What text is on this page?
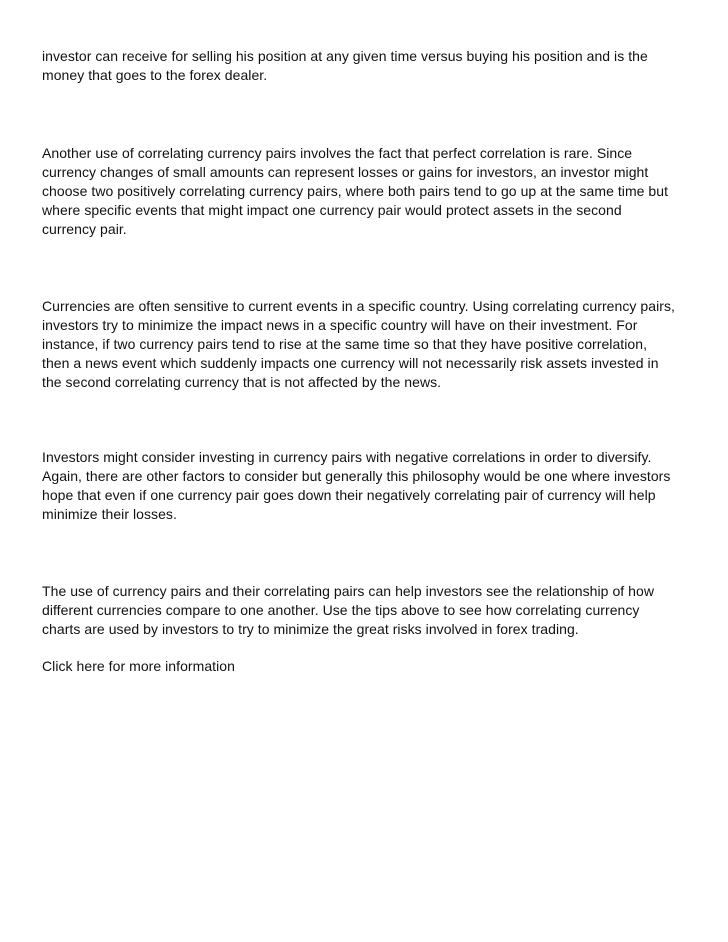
investor can receive for selling his position at any given time versus buying his position and is the
money that goes to the forex dealer.

Another use of correlating currency pairs involves the fact that perfect correlation is rare. Since
currency changes of small amounts can represent losses or gains for investors, an investor might
choose two positively correlating currency pairs, where both pairs tend to go up at the same time but
where specific events that might impact one currency pair would protect assets in the second
currency pair.

Currencies are often sensitive to current events in a specific country. Using correlating currency pairs,
investors try to minimize the impact news in a specific country will have on their investment. For
instance, if two currency pairs tend to rise at the same time so that they have positive correlation,
then a news event which suddenly impacts one currency will not necessarily risk assets invested in
the second correlating currency that is not affected by the news.

Investors might consider investing in currency pairs with negative correlations in order to diversify.
Again, there are other factors to consider but generally this philosophy would be one where investors
hope that even if one currency pair goes down their negatively correlating pair of currency will help
minimize their losses.

The use of currency pairs and their correlating pairs can help investors see the relationship of how
different currencies compare to one another. Use the tips above to see how correlating currency
charts are used by investors to try to minimize the great risks involved in forex trading.

Click here for more information
